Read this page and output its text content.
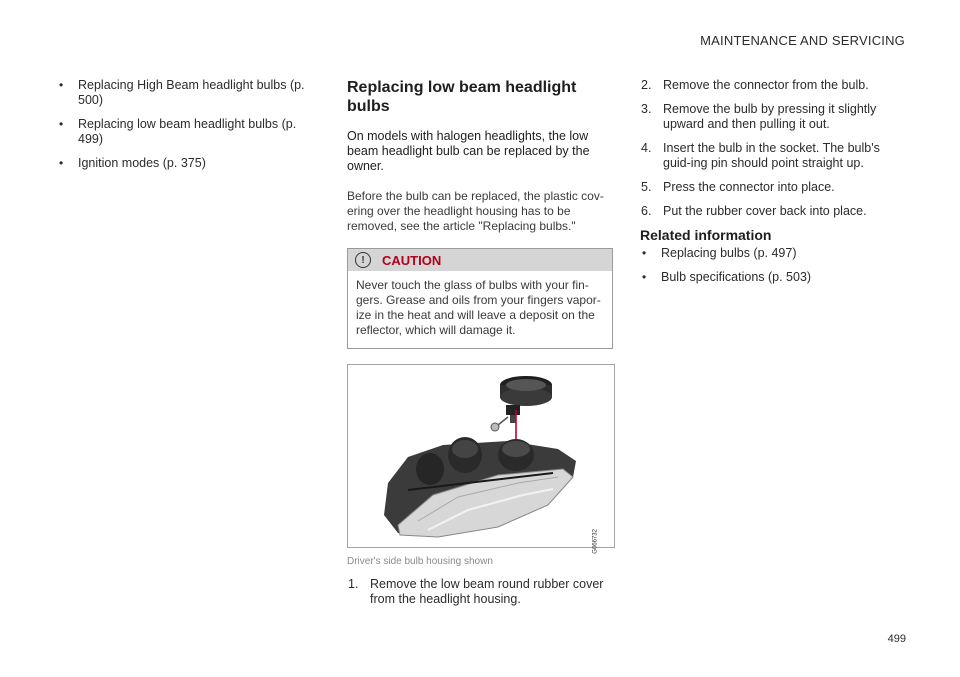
MAINTENANCE AND SERVICING
• Replacing High Beam headlight bulbs (p. 500)
• Replacing low beam headlight bulbs (p. 499)
• Ignition modes (p. 375)
Replacing low beam headlight bulbs

On models with halogen headlights, the low beam headlight bulb can be replaced by the owner.

Before the bulb can be replaced, the plastic cov-ering over the headlight housing has to be removed, see the article "Replacing bulbs."

!	CAUTION
Never touch the glass of bulbs with your fin-gers. Grease and oils from your fingers vapor-ize in the heat and will leave a deposit on the reflector, which will damage it.
G066732
Driver's side bulb housing shown
1. Remove the low beam round rubber cover from the headlight housing.
2. Remove the connector from the bulb.
3. Remove the bulb by pressing it slightly upward and then pulling it out.
4. Insert the bulb in the socket. The bulb's guid-ing pin should point straight up.
5. Press the connector into place.
6. Put the rubber cover back into place.
Related information
• Replacing bulbs (p. 497)
• Bulb specifications (p. 503)
499
